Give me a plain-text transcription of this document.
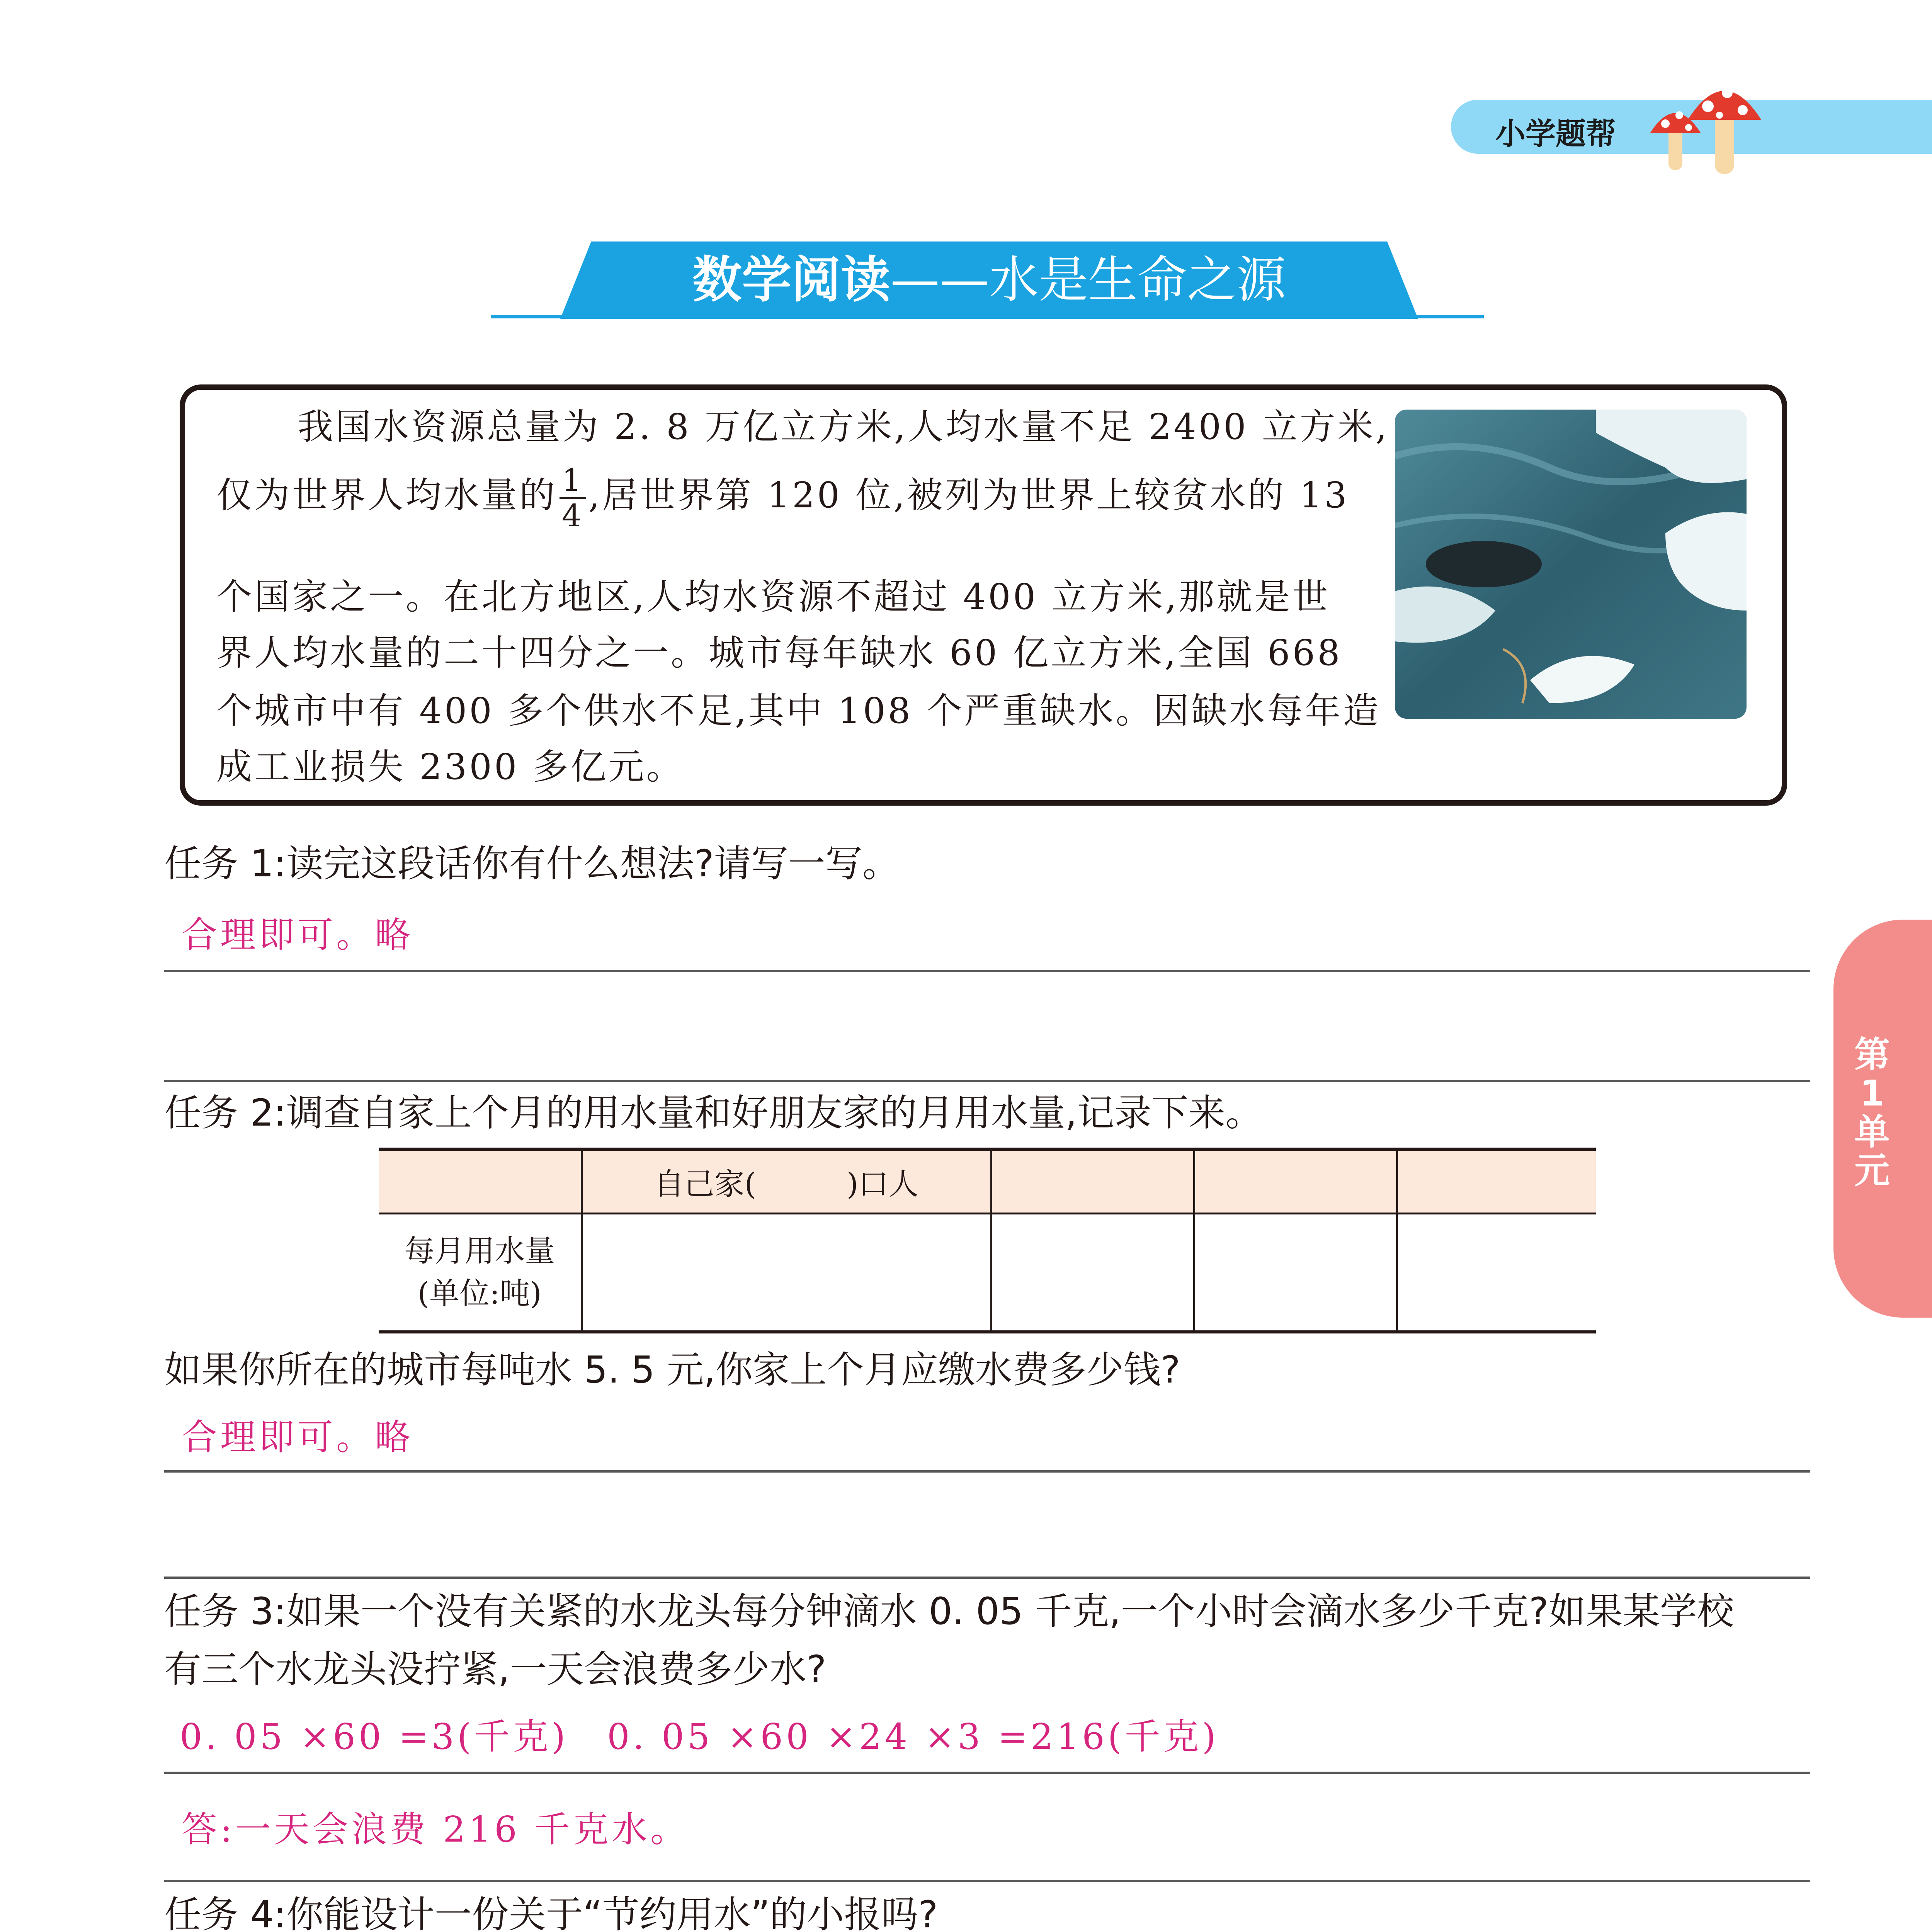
小学题帮
数学阅读——水是生命之源
我国水资源总量为 2. 8 万亿立方米,人均水量不足 2400 立方米,
仅为世界人均水量的 $\frac{1}{4}$ ,居世界第 120 位,被列为世界上较贫水的 13
个国家之一。在北方地区,人均水资源不超过 400 立方米,那就是世
界人均水量的二十四分之一。城市每年缺水 60 亿立方米,全国 668
个城市中有 400 多个供水不足,其中 108 个严重缺水。因缺水每年造
成工业损失 2300 多亿元。
第
1
单
元
任务 1:读完这段话你有什么想法?请写一写。
合理即可。略
任务 2:调查自家上个月的用水量和好朋友家的月用水量,记录下来。
	自己家(　　　)口人			

每月用水量
(单位:吨)				

如果你所在的城市每吨水 5. 5 元,你家上个月应缴水费多少钱?
合理即可。略
任务 3:如果一个没有关紧的水龙头每分钟滴水 0. 05 千克,一个小时会滴水多少千克?如果某学校
有三个水龙头没拧紧,一天会浪费多少水?
0. 05 ×60 =3(千克)　0. 05 ×60 ×24 ×3 =216(千克)
答:一天会浪费 216 千克水。
任务 4:你能设计一份关于“节约用水”的小报吗?
